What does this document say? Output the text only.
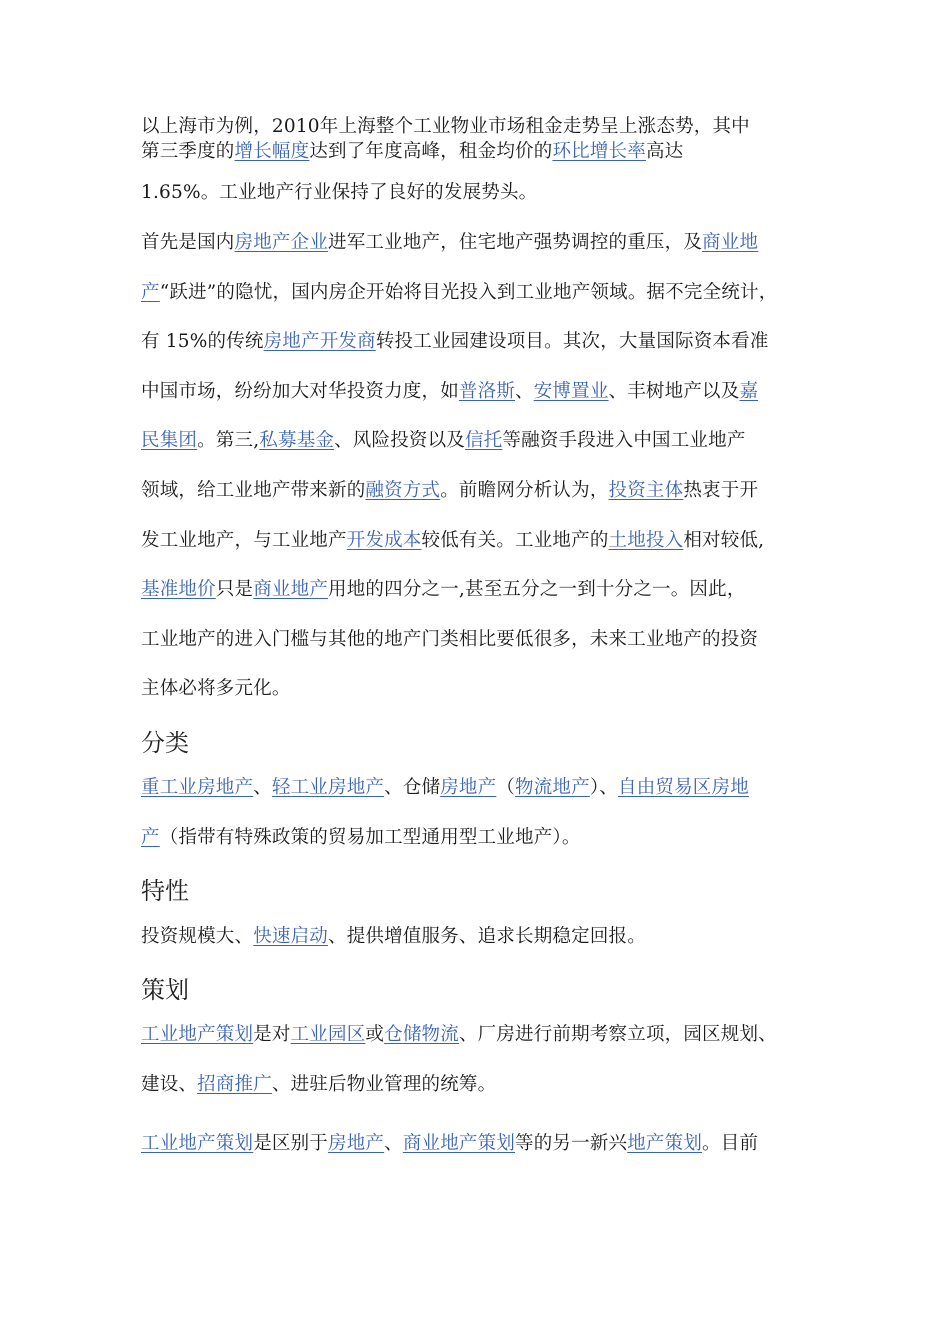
以上海市为例，2010年上海整个工业物业市场租金走势呈上涨态势，其中
第三季度的增长幅度达到了年度高峰，租金均价的环比增长率高达
1.65%。工业地产行业保持了良好的发展势头。
首先是国内房地产企业进军工业地产，住宅地产强势调控的重压，及商业地
产“跃进”的隐忧，国内房企开始将目光投入到工业地产领域。据不完全统计，
有 15%的传统房地产开发商转投工业园建设项目。其次，大量国际资本看准
中国市场，纷纷加大对华投资力度，如普洛斯、安博置业、丰树地产以及嘉
民集团。第三,私募基金、风险投资以及信托等融资手段进入中国工业地产
领域，给工业地产带来新的融资方式。前瞻网分析认为，投资主体热衷于开
发工业地产，与工业地产开发成本较低有关。工业地产的土地投入相对较低,
基准地价只是商业地产用地的四分之一,甚至五分之一到十分之一。因此，
工业地产的进入门槛与其他的地产门类相比要低很多，未来工业地产的投资
主体必将多元化。
分类
重工业房地产、轻工业房地产、仓储房地产（物流地产）、自由贸易区房地
产（指带有特殊政策的贸易加工型通用型工业地产）。
特性
投资规模大、快速启动、提供增值服务、追求长期稳定回报。
策划
工业地产策划是对工业园区或仓储物流、厂房进行前期考察立项，园区规划、
建设、招商推广、进驻后物业管理的统筹。
工业地产策划是区别于房地产、商业地产策划等的另一新兴地产策划。目前
